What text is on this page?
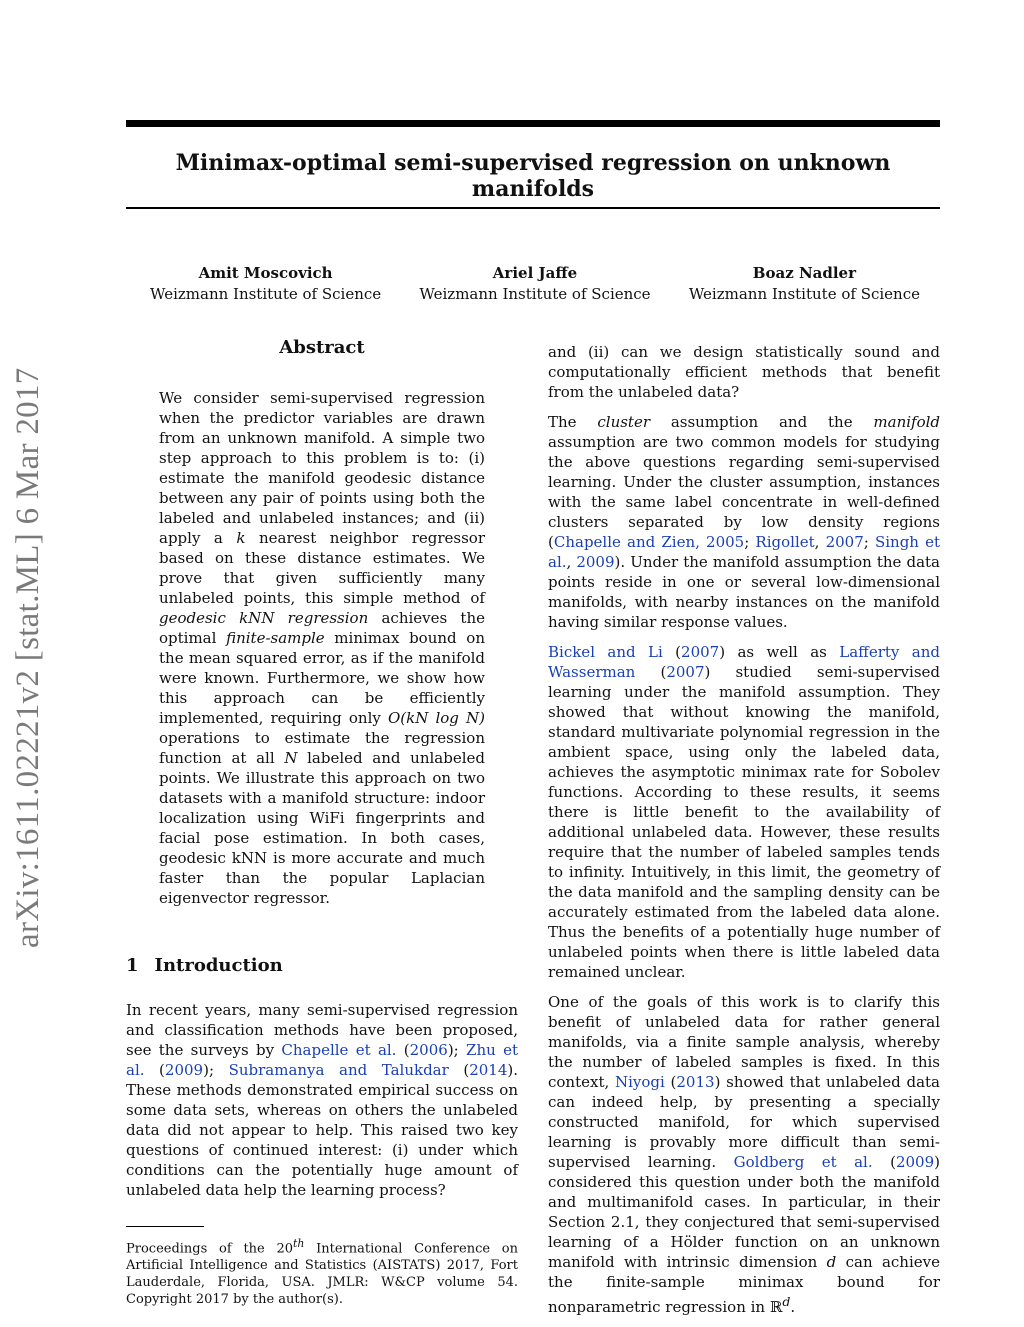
arXiv:1611.02221v2 [stat.ML] 6 Mar 2017
Minimax-optimal semi-supervised regression on unknown manifolds
Amit Moscovich
Weizmann Institute of Science
Ariel Jaffe
Weizmann Institute of Science
Boaz Nadler
Weizmann Institute of Science
Abstract
We consider semi-supervised regression when the predictor variables are drawn from an unknown manifold. A simple two step approach to this problem is to: (i) estimate the manifold geodesic distance between any pair of points using both the labeled and unlabeled instances; and (ii) apply a k nearest neighbor regressor based on these distance estimates. We prove that given sufficiently many unlabeled points, this simple method of geodesic kNN regression achieves the optimal finite-sample minimax bound on the mean squared error, as if the manifold were known. Furthermore, we show how this approach can be efficiently implemented, requiring only O(kN log N) operations to estimate the regression function at all N labeled and unlabeled points. We illustrate this approach on two datasets with a manifold structure: indoor localization using WiFi fingerprints and facial pose estimation. In both cases, geodesic kNN is more accurate and much faster than the popular Laplacian eigenvector regressor.
1 Introduction

In recent years, many semi-supervised regression and classification methods have been proposed, see the surveys by Chapelle et al. (2006); Zhu et al. (2009); Subramanya and Talukdar (2014). These methods demonstrated empirical success on some data sets, whereas on others the unlabeled data did not appear to help. This raised two key questions of continued interest: (i) under which conditions can the potentially huge amount of unlabeled data help the learning process?

Proceedings of the 20th International Conference on Artificial Intelligence and Statistics (AISTATS) 2017, Fort Lauderdale, Florida, USA. JMLR: W&CP volume 54. Copyright 2017 by the author(s).

and (ii) can we design statistically sound and computationally efficient methods that benefit from the unlabeled data?

The cluster assumption and the manifold assumption are two common models for studying the above questions regarding semi-supervised learning. Under the cluster assumption, instances with the same label concentrate in well-defined clusters separated by low density regions (Chapelle and Zien, 2005; Rigollet, 2007; Singh et al., 2009). Under the manifold assumption the data points reside in one or several low-dimensional manifolds, with nearby instances on the manifold having similar response values.

Bickel and Li (2007) as well as Lafferty and Wasserman (2007) studied semi-supervised learning under the manifold assumption. They showed that without knowing the manifold, standard multivariate polynomial regression in the ambient space, using only the labeled data, achieves the asymptotic minimax rate for Sobolev functions. According to these results, it seems there is little benefit to the availability of additional unlabeled data. However, these results require that the number of labeled samples tends to infinity. Intuitively, in this limit, the geometry of the data manifold and the sampling density can be accurately estimated from the labeled data alone. Thus the benefits of a potentially huge number of unlabeled points when there is little labeled data remained unclear.

One of the goals of this work is to clarify this benefit of unlabeled data for rather general manifolds, via a finite sample analysis, whereby the number of labeled samples is fixed. In this context, Niyogi (2013) showed that unlabeled data can indeed help, by presenting a specially constructed manifold, for which supervised learning is provably more difficult than semi-supervised learning. Goldberg et al. (2009) considered this question under both the manifold and multimanifold cases. In particular, in their Section 2.1, they conjectured that semi-supervised learning of a Hölder function on an unknown manifold with intrinsic dimension d can achieve the finite-sample minimax bound for nonparametric regression in ℝ$^d$.
